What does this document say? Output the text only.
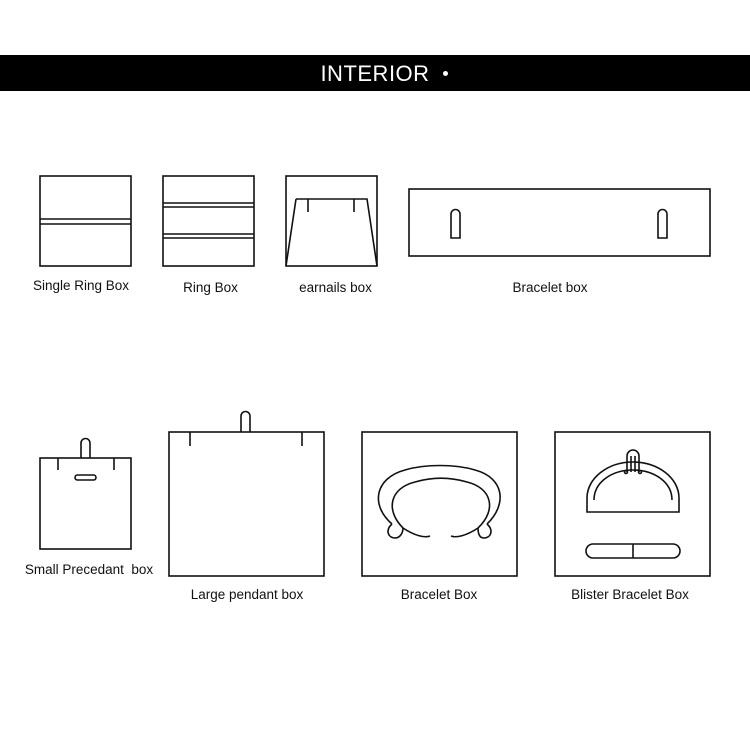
INTERIOR
Single Ring Box	Ring Box	earnails box	Bracelet box
Small Precedant  box
Large pendant box	Bracelet Box	Blister Bracelet Box
